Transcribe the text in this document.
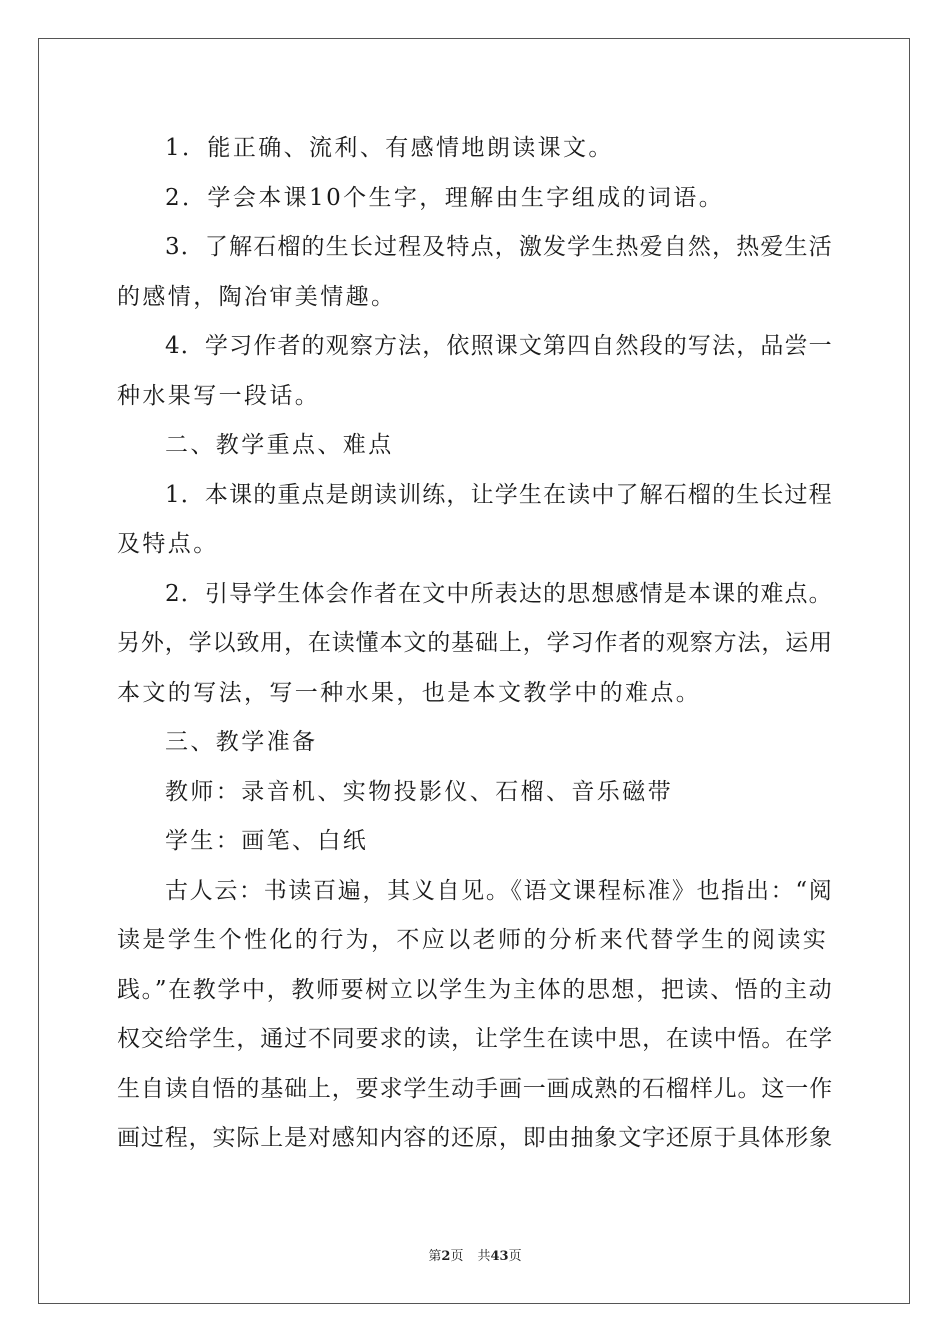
1．能正确、流利、有感情地朗读课文。
2．学会本课10个生字，理解由生字组成的词语。
3．了解石榴的生长过程及特点，激发学生热爱自然，热爱生活
的感情，陶冶审美情趣。
4．学习作者的观察方法，依照课文第四自然段的写法，品尝一
种水果写一段话。
二、教学重点、难点
1．本课的重点是朗读训练，让学生在读中了解石榴的生长过程
及特点。
2．引导学生体会作者在文中所表达的思想感情是本课的难点。
另外，学以致用，在读懂本文的基础上，学习作者的观察方法，运用
本文的写法，写一种水果，也是本文教学中的难点。
三、教学准备
教师：录音机、实物投影仪、石榴、音乐磁带
学生：画笔、白纸
古人云：书读百遍，其义自见。《语文课程标准》也指出：“阅
读是学生个性化的行为，不应以老师的分析来代替学生的阅读实
践。”在教学中，教师要树立以学生为主体的思想，把读、悟的主动
权交给学生，通过不同要求的读，让学生在读中思，在读中悟。在学
生自读自悟的基础上，要求学生动手画一画成熟的石榴样儿。这一作
画过程，实际上是对感知内容的还原，即由抽象文字还原于具体形象
第2页 共43页
